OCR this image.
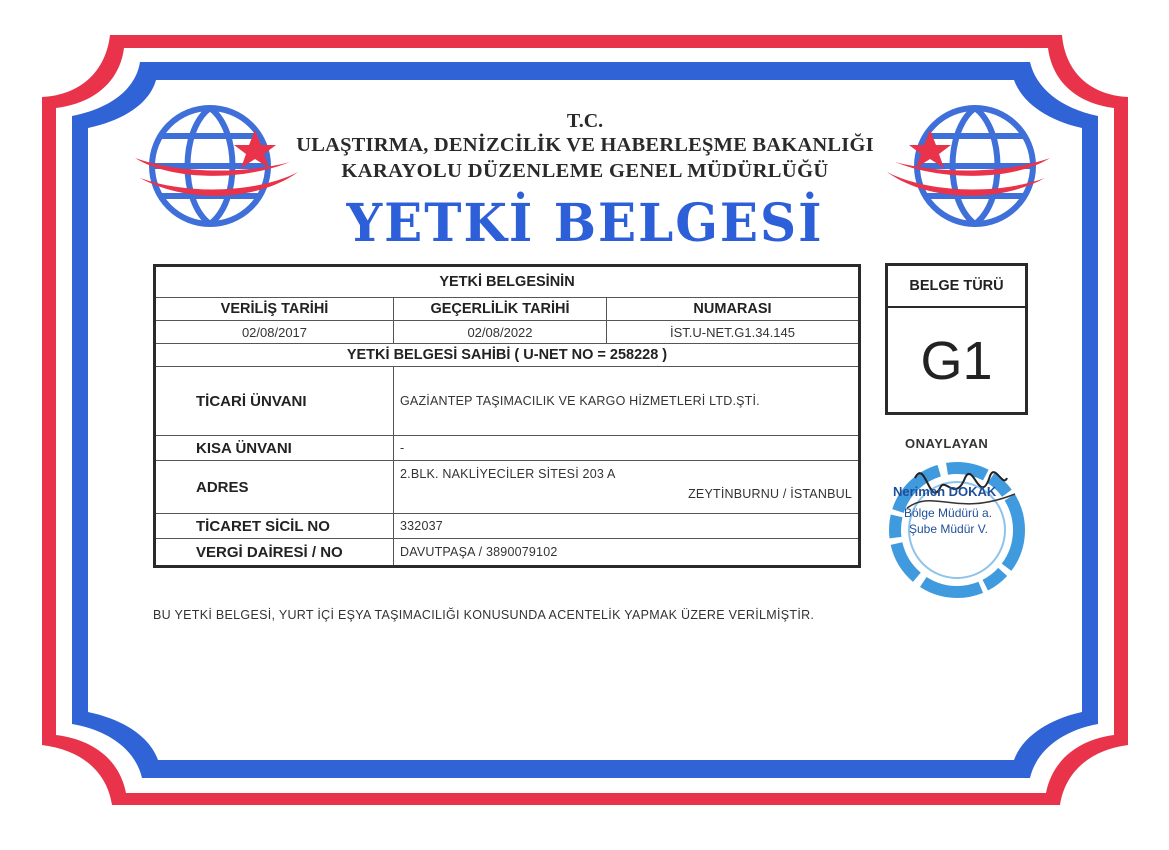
T.C.
ULAŞTIRMA, DENİZCİLİK VE HABERLEŞME BAKANLIĞI
KARAYOLU DÜZENLEME GENEL MÜDÜRLÜĞÜ
YETKİ BELGESİ
YETKİ BELGESİNİN		
VERİLİŞ TARİHİ	GEÇERLİLİK TARİHİ	NUMARASI
02/08/2017	02/08/2022	İST.U-NET.G1.34.145
YETKİ BELGESİ SAHİBİ ( U-NET NO = 258228 )		
TİCARİ ÜNVANI	GAZİANTEP TAŞIMACILIK VE KARGO HİZMETLERİ LTD.ŞTİ.	
KISA ÜNVANI	-	
ADRES	2.BLK. NAKLİYECİLER SİTESİ 203 A
ZEYTİNBURNU / İSTANBUL	

TİCARET SİCİL NO	332037	
VERGİ DAİRESİ / NO	DAVUTPAŞA / 3890079102	
BELGE TÜRÜ
G1
ONAYLAYAN
Nerimen DOKAK
Bölge Müdürü a.
Şube Müdür V.
BU YETKİ BELGESİ, YURT İÇİ EŞYA TAŞIMACILIĞI KONUSUNDA ACENTELİK YAPMAK ÜZERE VERİLMİŞTİR.
